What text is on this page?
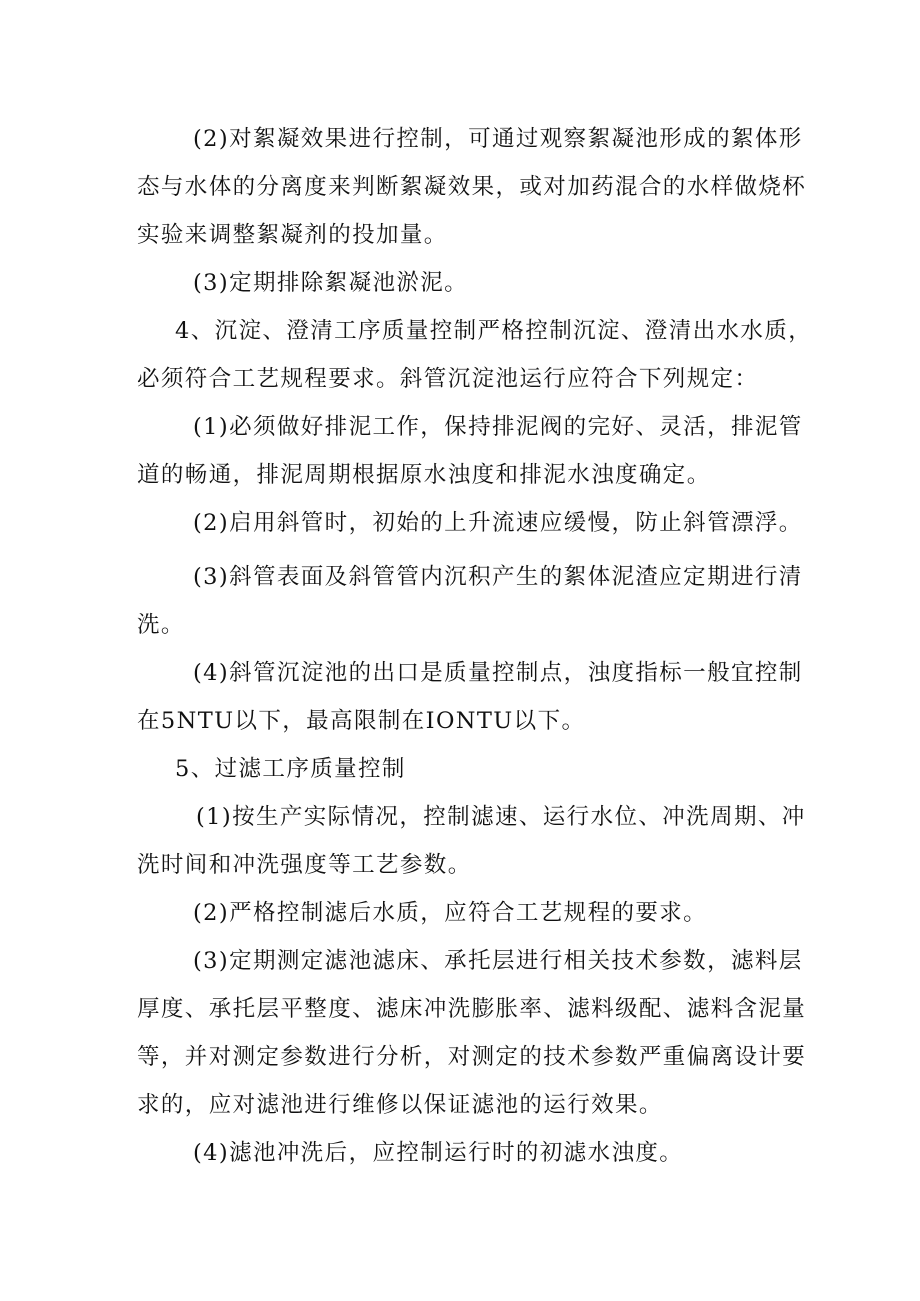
(2)对絮凝效果进行控制，可通过观察絮凝池形成的絮体形

态与水体的分离度来判断絮凝效果，或对加药混合的水样做烧杯

实验来调整絮凝剂的投加量。

(3)定期排除絮凝池淤泥。

4、沉淀、澄清工序质量控制严格控制沉淀、澄清出水水质，

必须符合工艺规程要求。斜管沉淀池运行应符合下列规定：

(1)必须做好排泥工作，保持排泥阀的完好、灵活，排泥管

道的畅通，排泥周期根据原水浊度和排泥水浊度确定。

(2)启用斜管时，初始的上升流速应缓慢，防止斜管漂浮。

(3)斜管表面及斜管管内沉积产生的絮体泥渣应定期进行清

洗。

(4)斜管沉淀池的出口是质量控制点，浊度指标一般宜控制

在5NTU以下，最高限制在IONTU以下。

5、过滤工序质量控制

(1)按生产实际情况，控制滤速、运行水位、冲洗周期、冲

洗时间和冲洗强度等工艺参数。

(2)严格控制滤后水质，应符合工艺规程的要求。

(3)定期测定滤池滤床、承托层进行相关技术参数，滤料层

厚度、承托层平整度、滤床冲洗膨胀率、滤料级配、滤料含泥量

等，并对测定参数进行分析，对测定的技术参数严重偏离设计要

求的，应对滤池进行维修以保证滤池的运行效果。

(4)滤池冲洗后，应控制运行时的初滤水浊度。
